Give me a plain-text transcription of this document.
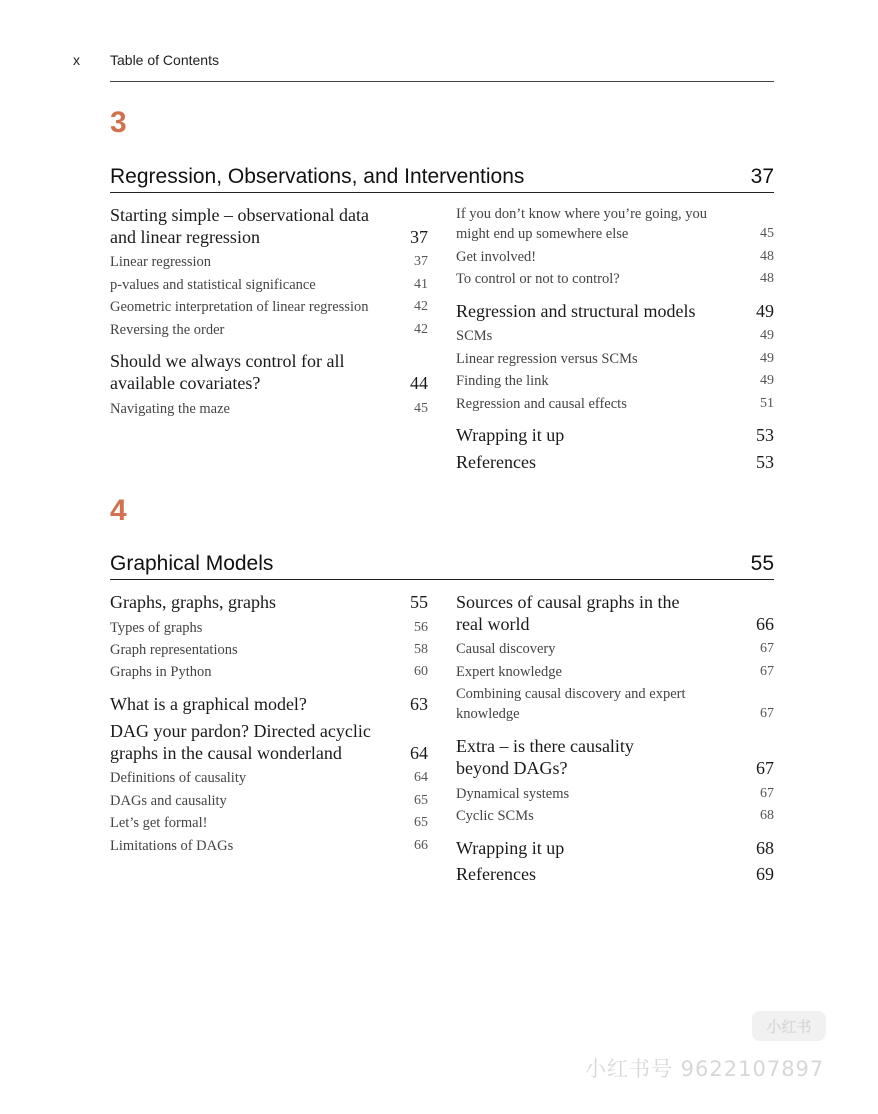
x Table of Contents
3
Regression, Observations, and Interventions	37
Starting simple – observational data
and linear regression	37
Linear regression	37
p-values and statistical significance	41
Geometric interpretation of linear regression	42
Reversing the order	42
Should we always control for all
available covariates?	44
Navigating the maze	45
If you don’t know where you’re going, you
might end up somewhere else	45
Get involved!	48
To control or not to control?	48
Regression and structural models	49
SCMs	49
Linear regression versus SCMs	49
Finding the link	49
Regression and causal effects	51
Wrapping it up	53
References	53
4
Graphical Models	55
Graphs, graphs, graphs	55
Types of graphs	56
Graph representations	58
Graphs in Python	60
What is a graphical model?	63
DAG your pardon? Directed acyclic
graphs in the causal wonderland	64
Definitions of causality	64
DAGs and causality	65
Let’s get formal!	65
Limitations of DAGs	66
Sources of causal graphs in the
real world	66
Causal discovery	67
Expert knowledge	67
Combining causal discovery and expert
knowledge	67
Extra – is there causality
beyond DAGs?	67
Dynamical systems	67
Cyclic SCMs	68
Wrapping it up	68
References	69
小红书
小红书号 9622107897
